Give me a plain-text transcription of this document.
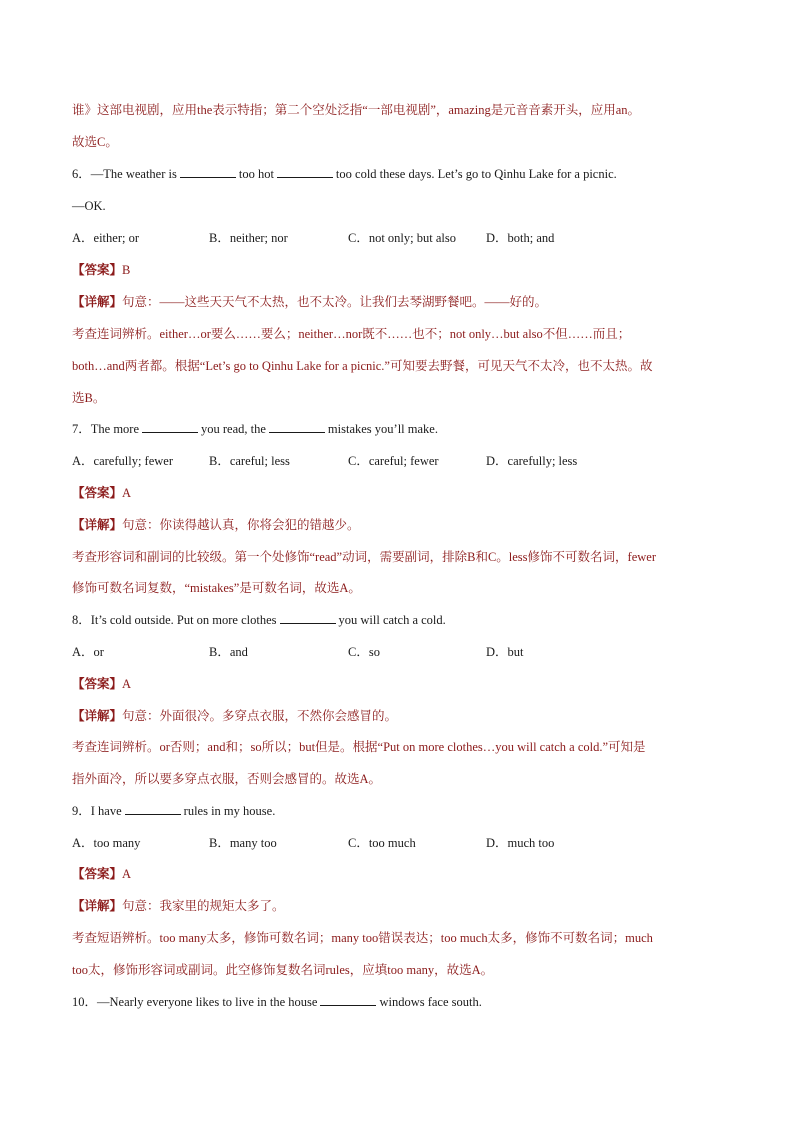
谁》这部电视剧，应用the表示特指；第二个空处泛指“一部电视剧”，amazing是元音音素开头，应用an。
故选C。
6．—The weather is	too hot	too cold these days. Let’s go to Qinhu Lake for a picnic.
—OK.
A．either; or	B．neither; nor	C．not only; but also D．both; and
【答案】B
【详解】句意：——这些天天气不太热，也不太冷。让我们去琴湖野餐吧。——好的。
考查连词辨析。either…or要么……要么；neither…nor既不……也不；not only…but also不但……而且；
both…and两者都。根据“Let’s go to Qinhu Lake for a picnic.”可知要去野餐，可见天气不太冷，也不太热。故
选B。
7．The more	you read, the	mistakes you’ll make.
A．carefully; fewer	B．careful; less	C．careful; fewer	D．carefully; less
【答案】A
【详解】句意：你读得越认真，你将会犯的错越少。
考查形容词和副词的比较级。第一个处修饰“read”动词，需要副词，排除B和C。less修饰不可数名词，fewer
修饰可数名词复数，“mistakes”是可数名词，故选A。
8．It’s cold outside. Put on more clothes	you will catch a cold.
A．or	B．and	C．so	D．but
【答案】A
【详解】句意：外面很冷。多穿点衣服，不然你会感冒的。
考查连词辨析。or否则；and和；so所以；but但是。根据“Put on more clothes…you will catch a cold.”可知是
指外面冷，所以要多穿点衣服，否则会感冒的。故选A。
9．I have	rules in my house.
A．too many	B．many too	C．too much	D．much too
【答案】A
【详解】句意：我家里的规矩太多了。
考查短语辨析。too many太多，修饰可数名词；many too错误表达；too much太多，修饰不可数名词；much
too太，修饰形容词或副词。此空修饰复数名词rules，应填too many，故选A。
10．—Nearly everyone likes to live in the house	windows face south.
